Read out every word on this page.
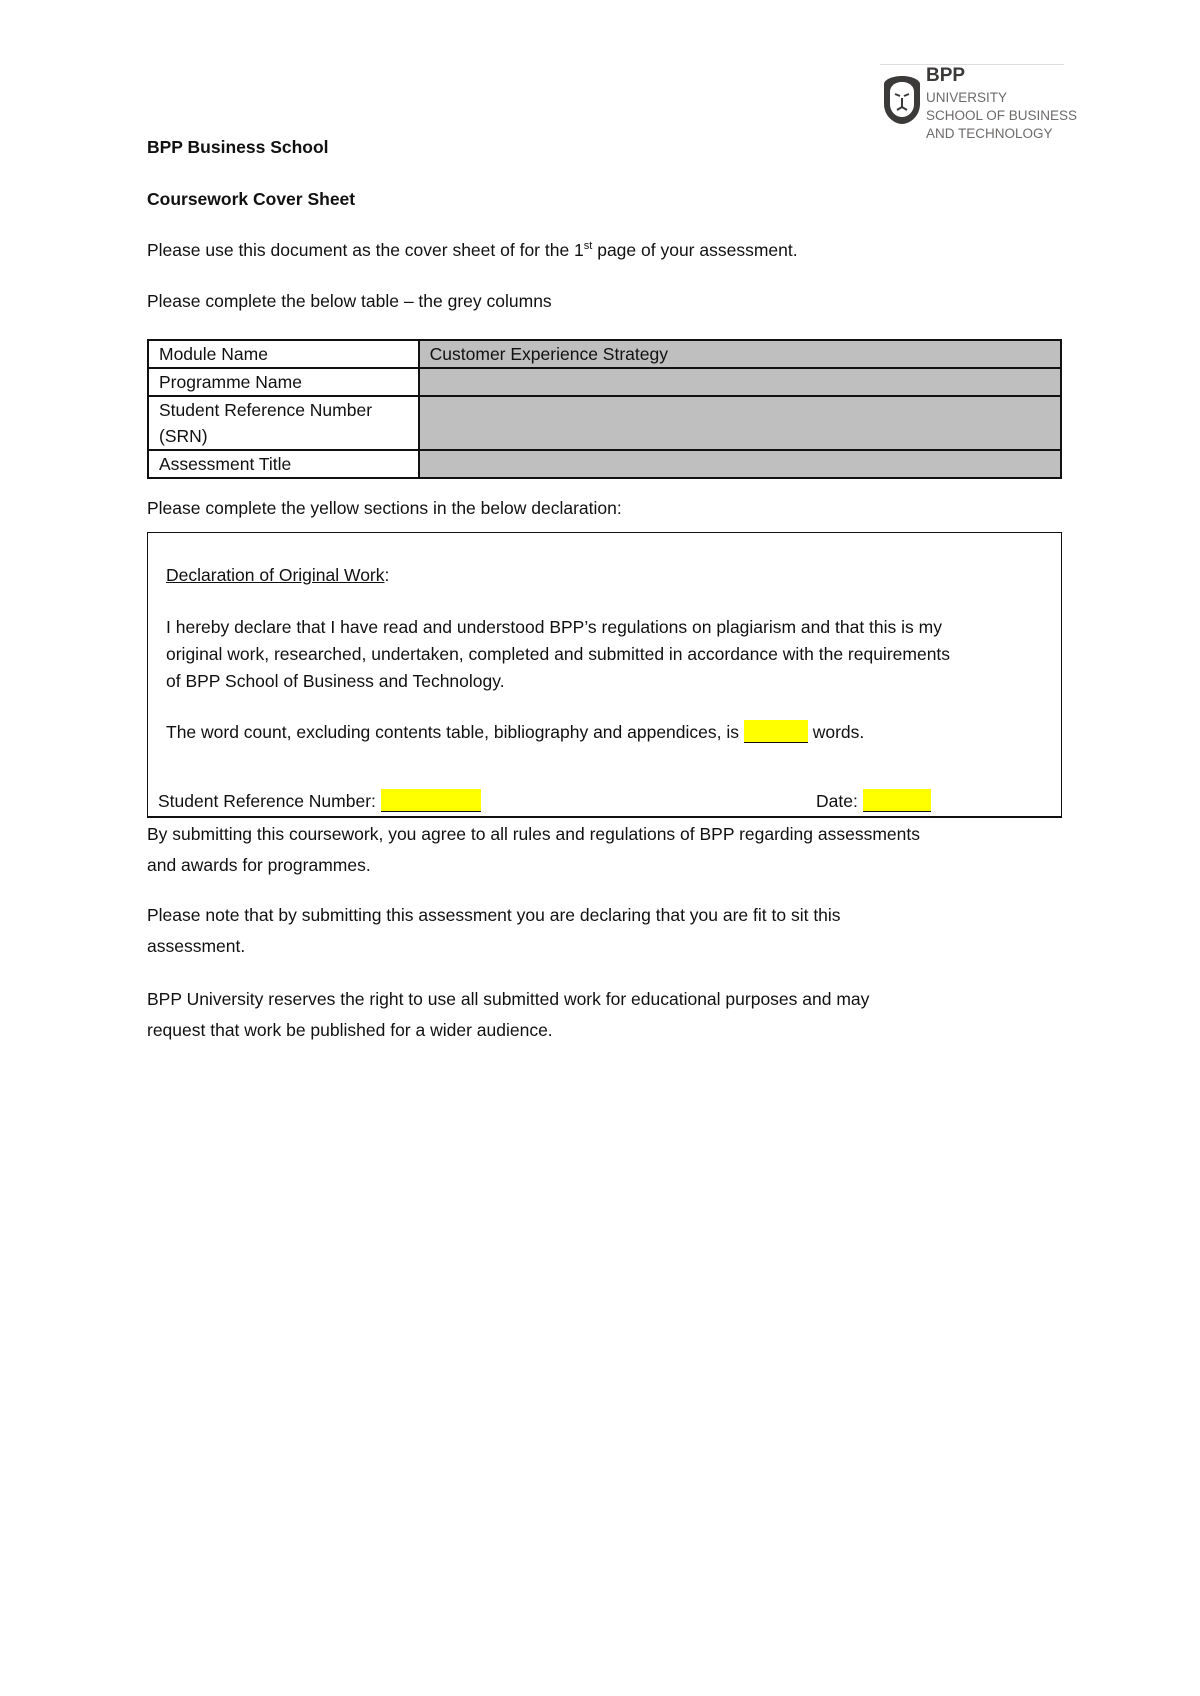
BPP
UNIVERSITY
SCHOOL OF BUSINESS
AND TECHNOLOGY
BPP Business School
Coursework Cover Sheet
Please use this document as the cover sheet of for the 1st page of your assessment.
Please complete the below table – the grey columns
Module Name	Customer Experience Strategy
Programme Name	
Student Reference Number (SRN)	
Assessment Title	
Please complete the yellow sections in the below declaration:
Declaration of Original Work:
I hereby declare that I have read and understood BPP’s regulations on plagiarism and that this is my
original work, researched, undertaken, completed and submitted in accordance with the requirements
of BPP School of Business and Technology.
The word count, excluding contents table, bibliography and appendices, is	words.
Student Reference Number:	Date:
By submitting this coursework, you agree to all rules and regulations of BPP regarding assessments
and awards for programmes.
Please note that by submitting this assessment you are declaring that you are fit to sit this
assessment.
BPP University reserves the right to use all submitted work for educational purposes and may
request that work be published for a wider audience.
